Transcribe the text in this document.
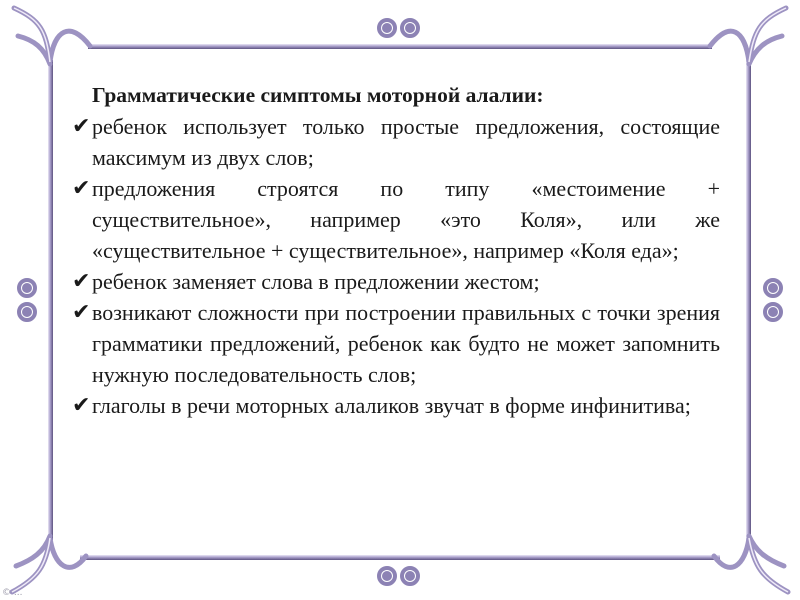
Грамматические симптомы моторной алалии:

✔ ребенок использует только простые предложения, состоящие максимум из двух слов;
✔ предложения строятся по типу «местоимение + существительное», например «это Коля», или же «существительное + существительное», например «Коля еда»;
✔ ребенок заменяет слова в предложении жестом;
✔ возникают сложности при построении правильных с точки зрения грамматики предложений, ребенок как будто не может запомнить нужную последовательность слов;
✔ глаголы в речи моторных алаликов звучат в форме инфинитива;
© ...
